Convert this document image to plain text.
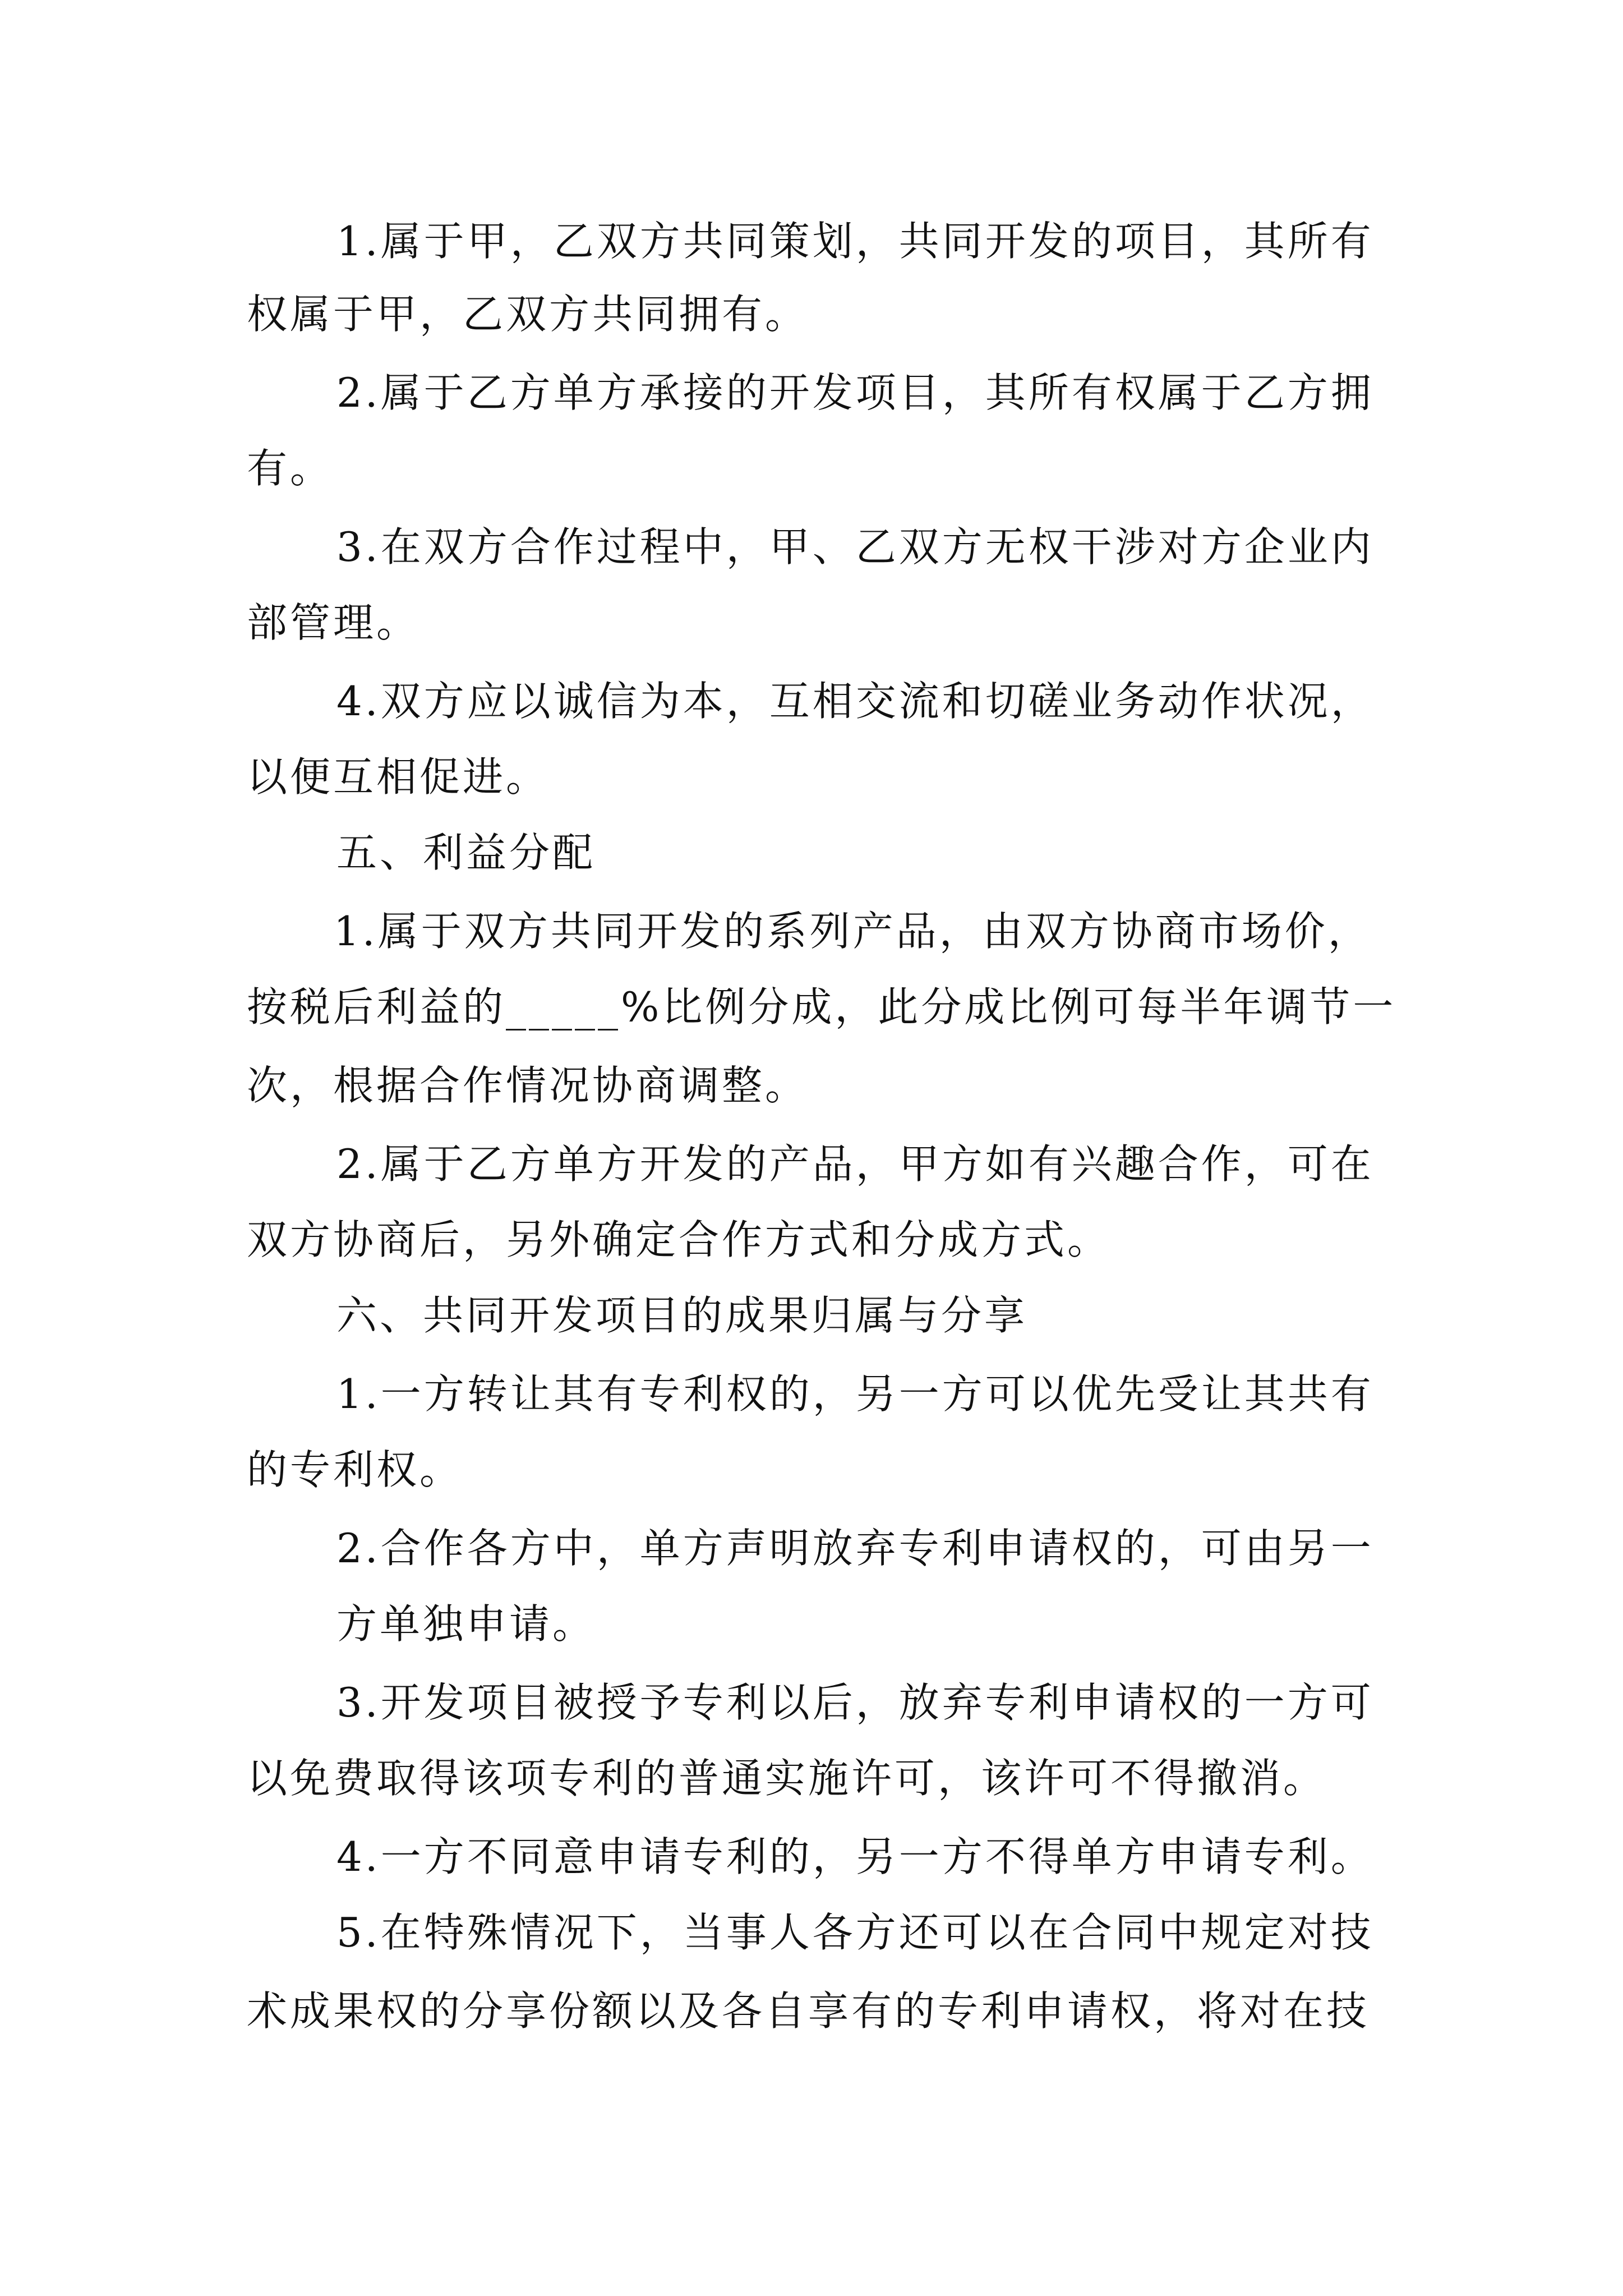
1.属于甲，乙双方共同策划，共同开发的项目，其所有
权属于甲，乙双方共同拥有。
2.属于乙方单方承接的开发项目，其所有权属于乙方拥
有。
3.在双方合作过程中，甲、乙双方无权干涉对方企业内
部管理。
4.双方应以诚信为本，互相交流和切磋业务动作状况，
以便互相促进。
五、利益分配
1.属于双方共同开发的系列产品，由双方协商市场价，
按税后利益的_____%比例分成，此分成比例可每半年调节一
次，根据合作情况协商调整。
2.属于乙方单方开发的产品，甲方如有兴趣合作，可在
双方协商后，另外确定合作方式和分成方式。
六、共同开发项目的成果归属与分享
1.一方转让其有专利权的，另一方可以优先受让其共有
的专利权。
2.合作各方中，单方声明放弃专利申请权的，可由另一
方单独申请。
3.开发项目被授予专利以后，放弃专利申请权的一方可
以免费取得该项专利的普通实施许可，该许可不得撤消。
4.一方不同意申请专利的，另一方不得单方申请专利。
5.在特殊情况下，当事人各方还可以在合同中规定对技
术成果权的分享份额以及各自享有的专利申请权，将对在技
